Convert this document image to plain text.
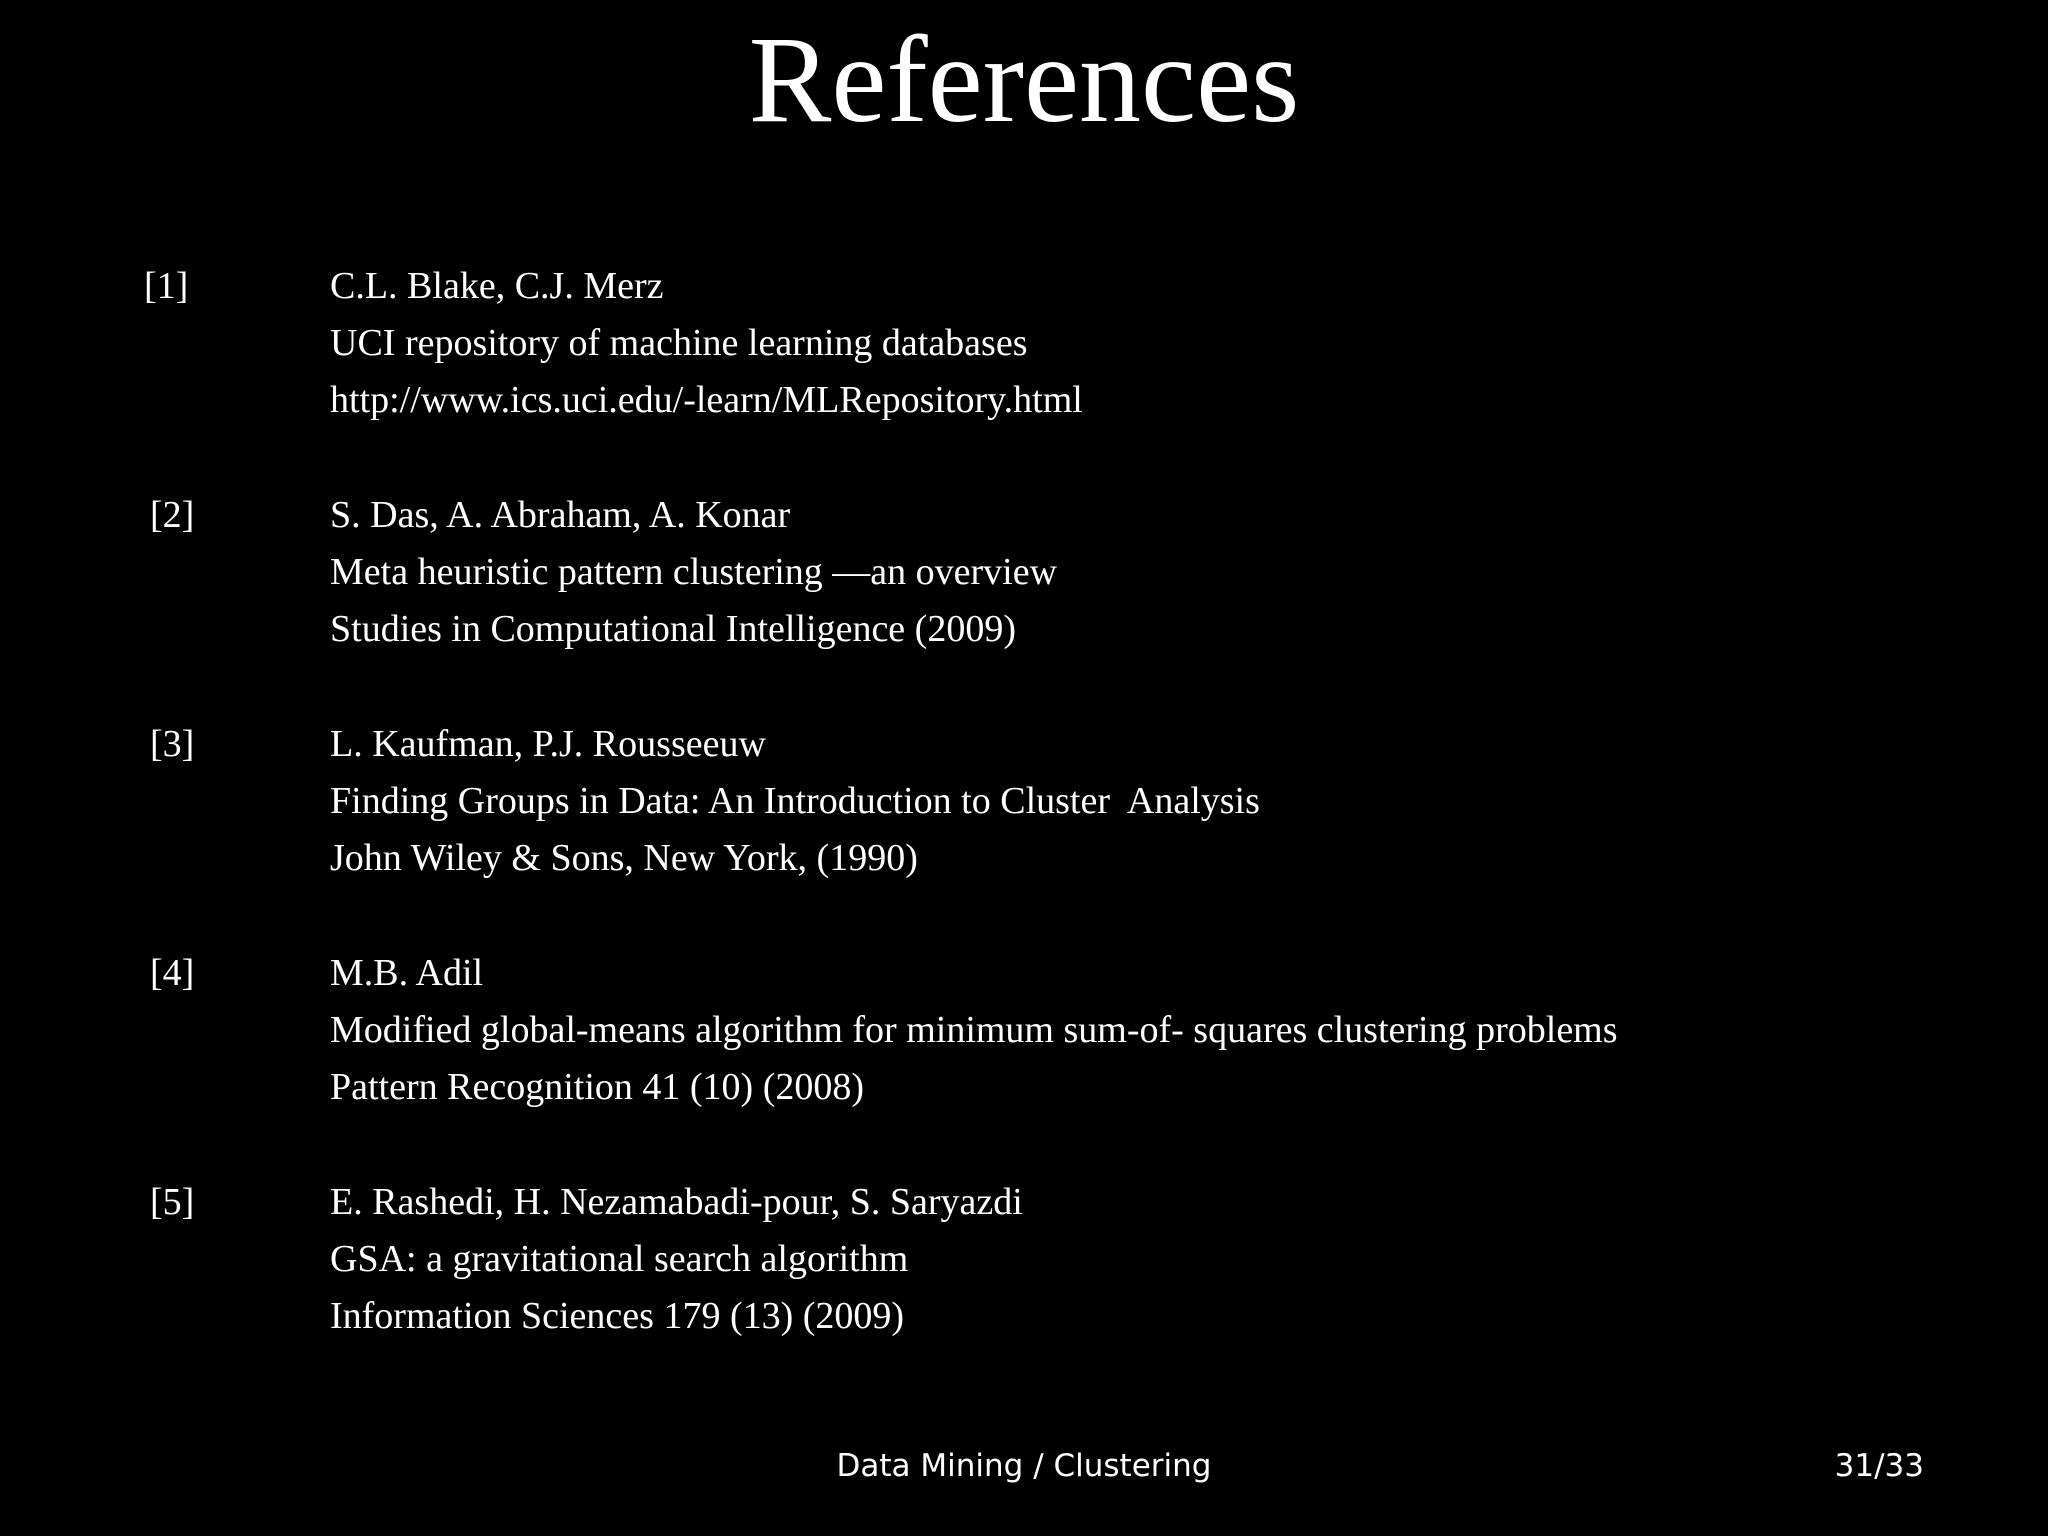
References
[1]	C.L. Blake, C.J. Merz
UCI repository of machine learning databases
http://www.ics.uci.edu/-learn/MLRepository.html
[2]	S. Das, A. Abraham, A. Konar
Meta heuristic pattern clustering —an overview
Studies in Computational Intelligence (2009)
[3]	L. Kaufman, P.J. Rousseeuw
Finding Groups in Data: An Introduction to Cluster  Analysis
John Wiley & Sons, New York, (1990)
[4]	M.B. Adil
Modified global-means algorithm for minimum sum-of- squares clustering problems
Pattern Recognition 41 (10) (2008)
[5]	E. Rashedi, H. Nezamabadi-pour, S. Saryazdi
GSA: a gravitational search algorithm
Information Sciences 179 (13) (2009)
Data Mining / Clustering	31/33
